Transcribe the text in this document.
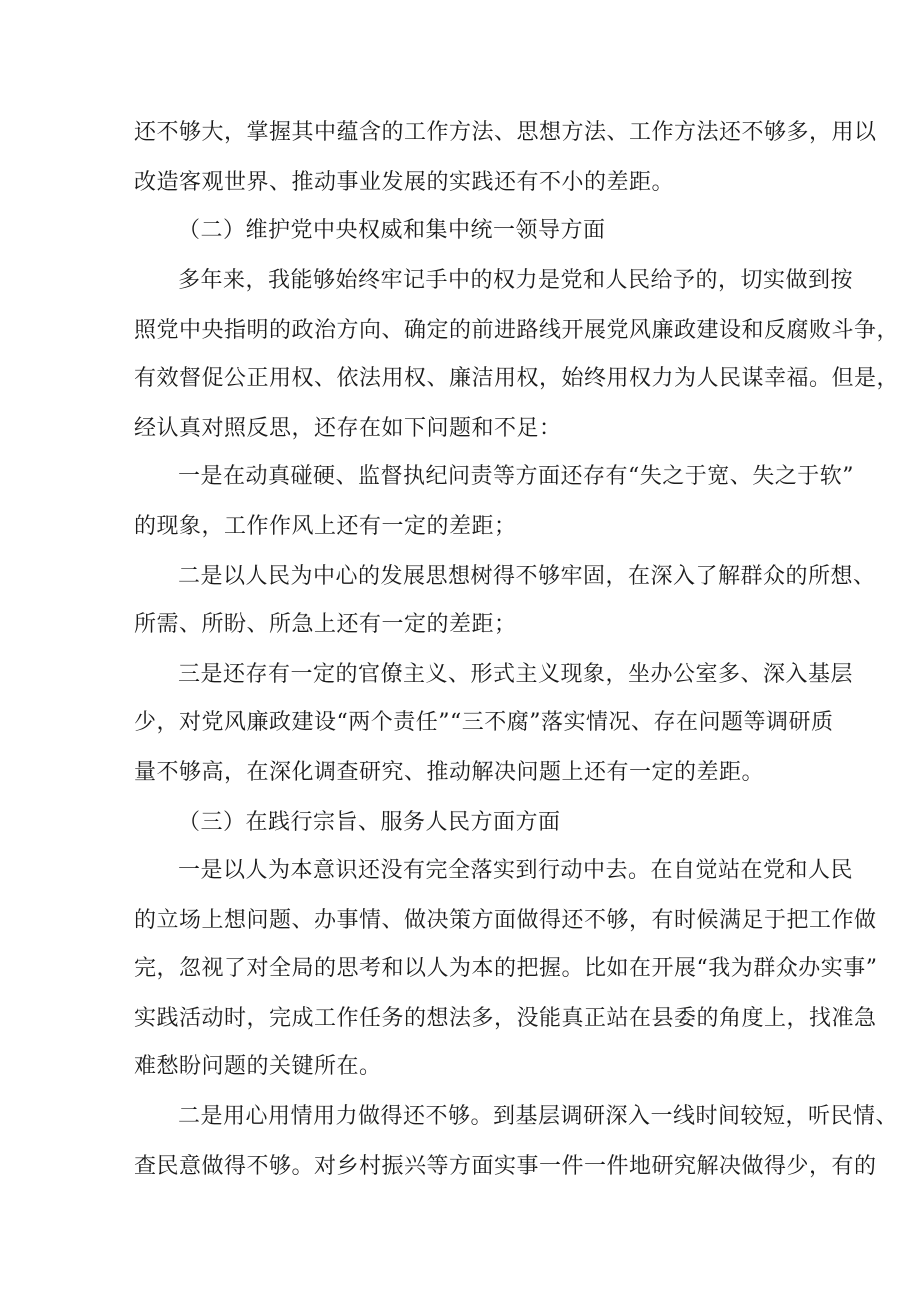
还不够大，掌握其中蕴含的工作方法、思想方法、工作方法还不够多，用以
改造客观世界、推动事业发展的实践还有不小的差距。
（二）维护党中央权威和集中统一领导方面
多年来，我能够始终牢记手中的权力是党和人民给予的，切实做到按
照党中央指明的政治方向、确定的前进路线开展党风廉政建设和反腐败斗争，
有效督促公正用权、依法用权、廉洁用权，始终用权力为人民谋幸福。但是，
经认真对照反思，还存在如下问题和不足：
一是在动真碰硬、监督执纪问责等方面还存有“失之于宽、失之于软”
的现象，工作作风上还有一定的差距；
二是以人民为中心的发展思想树得不够牢固，在深入了解群众的所想、
所需、所盼、所急上还有一定的差距；
三是还存有一定的官僚主义、形式主义现象，坐办公室多、深入基层
少，对党风廉政建设“两个责任”“三不腐”落实情况、存在问题等调研质
量不够高，在深化调查研究、推动解决问题上还有一定的差距。
（三）在践行宗旨、服务人民方面方面
一是以人为本意识还没有完全落实到行动中去。在自觉站在党和人民
的立场上想问题、办事情、做决策方面做得还不够，有时候满足于把工作做
完，忽视了对全局的思考和以人为本的把握。比如在开展“我为群众办实事”
实践活动时，完成工作任务的想法多，没能真正站在县委的角度上，找准急
难愁盼问题的关键所在。
二是用心用情用力做得还不够。到基层调研深入一线时间较短，听民情、
查民意做得不够。对乡村振兴等方面实事一件一件地研究解决做得少，有的
